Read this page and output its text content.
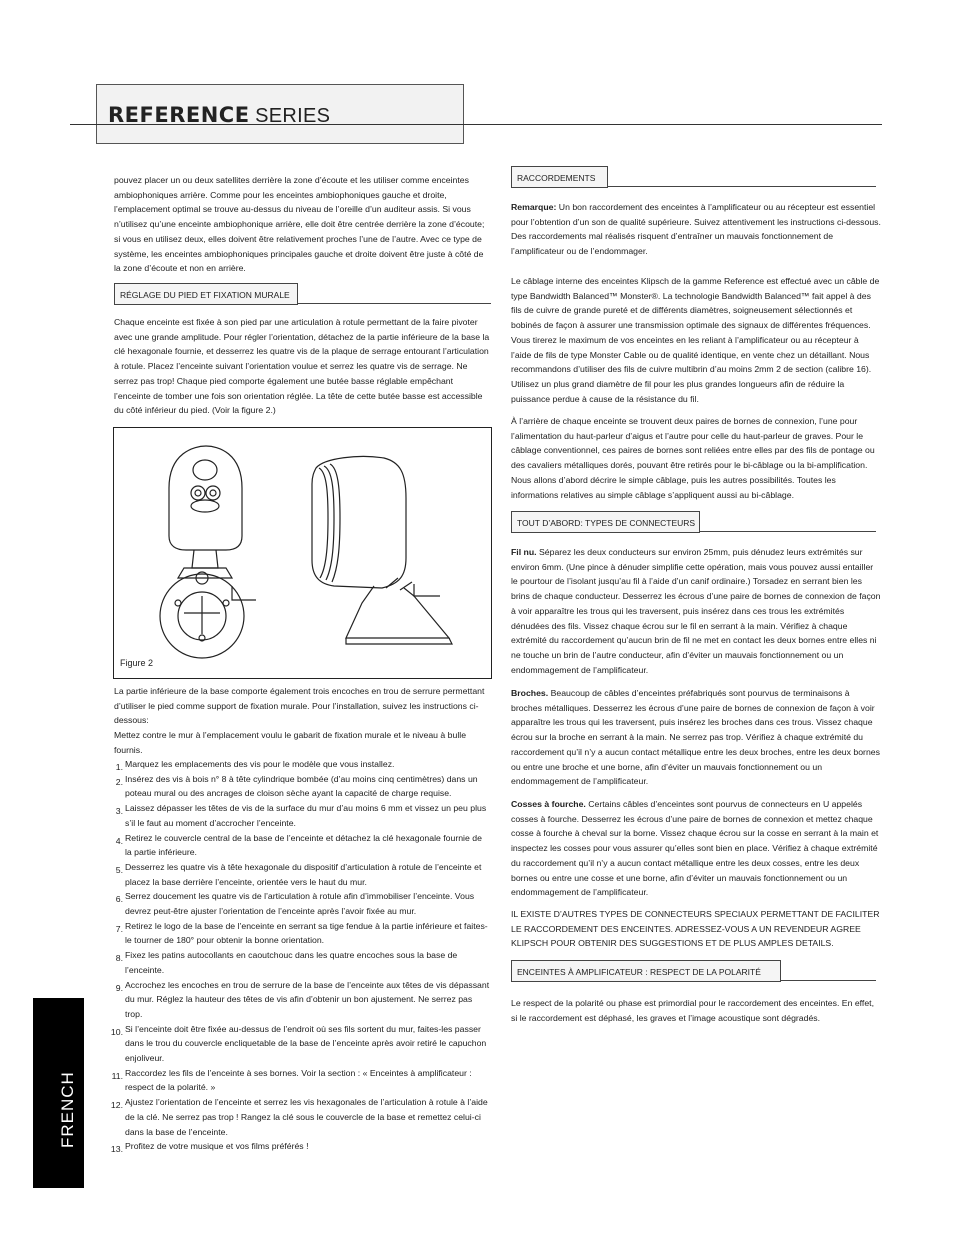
REFERENCE SERIES
FRENCH

pouvez placer un ou deux satellites derrière la zone d’écoute et les utiliser comme enceintes ambiophoniques arrière. Comme pour les enceintes ambiophoniques gauche et droite, l’emplacement optimal se trouve au-dessus du niveau de l’oreille d’un auditeur assis. Si vous n’utilisez qu’une enceinte ambiophonique arrière, elle doit être centrée derrière la zone d’écoute; si vous en utilisez deux, elles doivent être relativement proches l’une de l’autre. Avec ce type de système, les enceintes ambiophoniques principales gauche et droite doivent être juste à côté de la zone d’écoute et non en arrière.

RÉGLAGE DU PIED ET FIXATION MURALE

Chaque enceinte est fixée à son pied par une articulation à rotule permettant de la faire pivoter avec une grande amplitude. Pour régler l’orientation, détachez de la partie inférieure de la base la clé hexagonale fournie, et desserrez les quatre vis de la plaque de serrage entourant l’articulation à rotule. Placez l’enceinte suivant l’orientation voulue et serrez les quatre vis de serrage. Ne serrez pas trop! Chaque pied comporte également une butée basse réglable empêchant l’enceinte de tomber une fois son orientation réglée. La tête de cette butée basse est accessible du côté inférieur du pied. (Voir la figure 2.)

Figure 2

La partie inférieure de la base comporte également trois encoches en trou de serrure permettant d’utiliser le pied comme support de fixation murale. Pour l’installation, suivez les instructions ci-dessous:

Mettez contre le mur à l’emplacement voulu le gabarit de fixation murale et le niveau à bulle fournis.

1. Marquez les emplacements des vis pour le modèle que vous installez.
2. Insérez des vis à bois n° 8 à tête cylindrique bombée (d’au moins cinq centimètres) dans un poteau mural ou des ancrages de cloison sèche ayant la capacité de charge requise.
3. Laissez dépasser les têtes de vis de la surface du mur d’au moins 6 mm et vissez un peu plus s’il le faut au moment d’accrocher l’enceinte.
4. Retirez le couvercle central de la base de l’enceinte et détachez la clé hexagonale fournie de la partie inférieure.
5. Desserrez les quatre vis à tête hexagonale du dispositif d’articulation à rotule de l’enceinte et placez la base derrière l’enceinte, orientée vers le haut du mur.
6. Serrez doucement les quatre vis de l’articulation à rotule afin d’immobiliser l’enceinte. Vous devrez peut-être ajuster l’orientation de l’enceinte après l’avoir fixée au mur.
7. Retirez le logo de la base de l’enceinte en serrant sa tige fendue à la partie inférieure et faites-le tourner de 180° pour obtenir la bonne orientation.
8. Fixez les patins autocollants en caoutchouc dans les quatre encoches sous la base de l’enceinte.
9. Accrochez les encoches en trou de serrure de la base de l’enceinte aux têtes de vis dépassant du mur. Réglez la hauteur des têtes de vis afin d’obtenir un bon ajustement. Ne serrez pas trop.
10. Si l’enceinte doit être fixée au-dessus de l’endroit où ses fils sortent du mur, faites-les passer dans le trou du couvercle encliquetable de la base de l’enceinte après avoir retiré le capuchon enjoliveur.
11. Raccordez les fils de l’enceinte à ses bornes. Voir la section : « Enceintes à amplificateur : respect de la polarité. »
12. Ajustez l’orientation de l’enceinte et serrez les vis hexagonales de l’articulation à rotule à l’aide de la clé. Ne serrez pas trop ! Rangez la clé sous le couvercle de la base et remettez celui-ci dans la base de l’enceinte.
13. Profitez de votre musique et vos films préférés !
RACCORDEMENTS

Remarque: Un bon raccordement des enceintes à l’amplificateur ou au récepteur est essentiel pour l’obtention d’un son de qualité supérieure. Suivez attentivement les instructions ci-dessous. Des raccordements mal réalisés risquent d’entraîner un mauvais fonctionnement de l’amplificateur ou de l’endommager.

Le câblage interne des enceintes Klipsch de la gamme Reference est effectué avec un câble de type Bandwidth Balanced™ Monster®. La technologie Bandwidth Balanced™ fait appel à des fils de cuivre de grande pureté et de différents diamètres, soigneusement sélectionnés et bobinés de façon à assurer une transmission optimale des signaux de différentes fréquences. Vous tirerez le maximum de vos enceintes en les reliant à l’amplificateur ou au récepteur à l’aide de fils de type Monster Cable ou de qualité identique, en vente chez un détaillant. Nous recommandons d’utiliser des fils de cuivre multibrin d’au moins 2mm 2 de section (calibre 16). Utilisez un plus grand diamètre de fil pour les plus grandes longueurs afin de réduire la puissance perdue à cause de la résistance du fil.

À l’arrière de chaque enceinte se trouvent deux paires de bornes de connexion, l’une pour l’alimentation du haut-parleur d’aigus et l’autre pour celle du haut-parleur de graves. Pour le câblage conventionnel, ces paires de bornes sont reliées entre elles par des fils de pontage ou des cavaliers métalliques dorés, pouvant être retirés pour le bi-câblage ou la bi-amplification. Nous allons d’abord décrire le simple câblage, puis les autres possibilités. Toutes les informations relatives au simple câblage s’appliquent aussi au bi-câblage.

TOUT D’ABORD: TYPES DE CONNECTEURS

Fil nu. Séparez les deux conducteurs sur environ 25mm, puis dénudez leurs extrémités sur environ 6mm. (Une pince à dénuder simplifie cette opération, mais vous pouvez aussi entailler le pourtour de l’isolant jusqu’au fil à l’aide d’un canif ordinaire.) Torsadez en serrant bien les brins de chaque conducteur. Desserrez les écrous d’une paire de bornes de connexion de façon à voir apparaître les trous qui les traversent, puis insérez dans ces trous les extrémités dénudées des fils. Vissez chaque écrou sur le fil en serrant à la main. Vérifiez à chaque extrémité du raccordement qu’aucun brin de fil ne met en contact les deux bornes entre elles ni ne touche un brin de l’autre conducteur, afin d’éviter un mauvais fonctionnement ou un endommagement de l’amplificateur.

Broches. Beaucoup de câbles d’enceintes préfabriqués sont pourvus de terminaisons à broches métalliques. Desserrez les écrous d’une paire de bornes de connexion de façon à voir apparaître les trous qui les traversent, puis insérez les broches dans ces trous. Vissez chaque écrou sur la broche en serrant à la main. Ne serrez pas trop. Vérifiez à chaque extrémité du raccordement qu’il n’y a aucun contact métallique entre les deux broches, entre les deux bornes ou entre une broche et une borne, afin d’éviter un mauvais fonctionnement ou un endommagement de l’amplificateur.

Cosses à fourche. Certains câbles d’enceintes sont pourvus de connecteurs en U appelés cosses à fourche. Desserrez les écrous d’une paire de bornes de connexion et mettez chaque cosse à fourche à cheval sur la borne. Vissez chaque écrou sur la cosse en serrant à la main et inspectez les cosses pour vous assurer qu’elles sont bien en place. Vérifiez à chaque extrémité du raccordement qu’il n’y a aucun contact métallique entre les deux cosses, entre les deux bornes ou entre une cosse et une borne, afin d’éviter un mauvais fonctionnement ou un endommagement de l’amplificateur.

IL EXISTE D’AUTRES TYPES DE CONNECTEURS SPECIAUX PERMETTANT DE FACILITER LE RACCORDEMENT DES ENCEINTES. ADRESSEZ-VOUS A UN REVENDEUR AGREE KLIPSCH POUR OBTENIR DES SUGGESTIONS ET DE PLUS AMPLES DETAILS.

ENCEINTES À AMPLIFICATEUR : RESPECT DE LA POLARITÉ

Le respect de la polarité ou phase est primordial pour le raccordement des enceintes. En effet, si le raccordement est déphasé, les graves et l’image acoustique sont dégradés.
